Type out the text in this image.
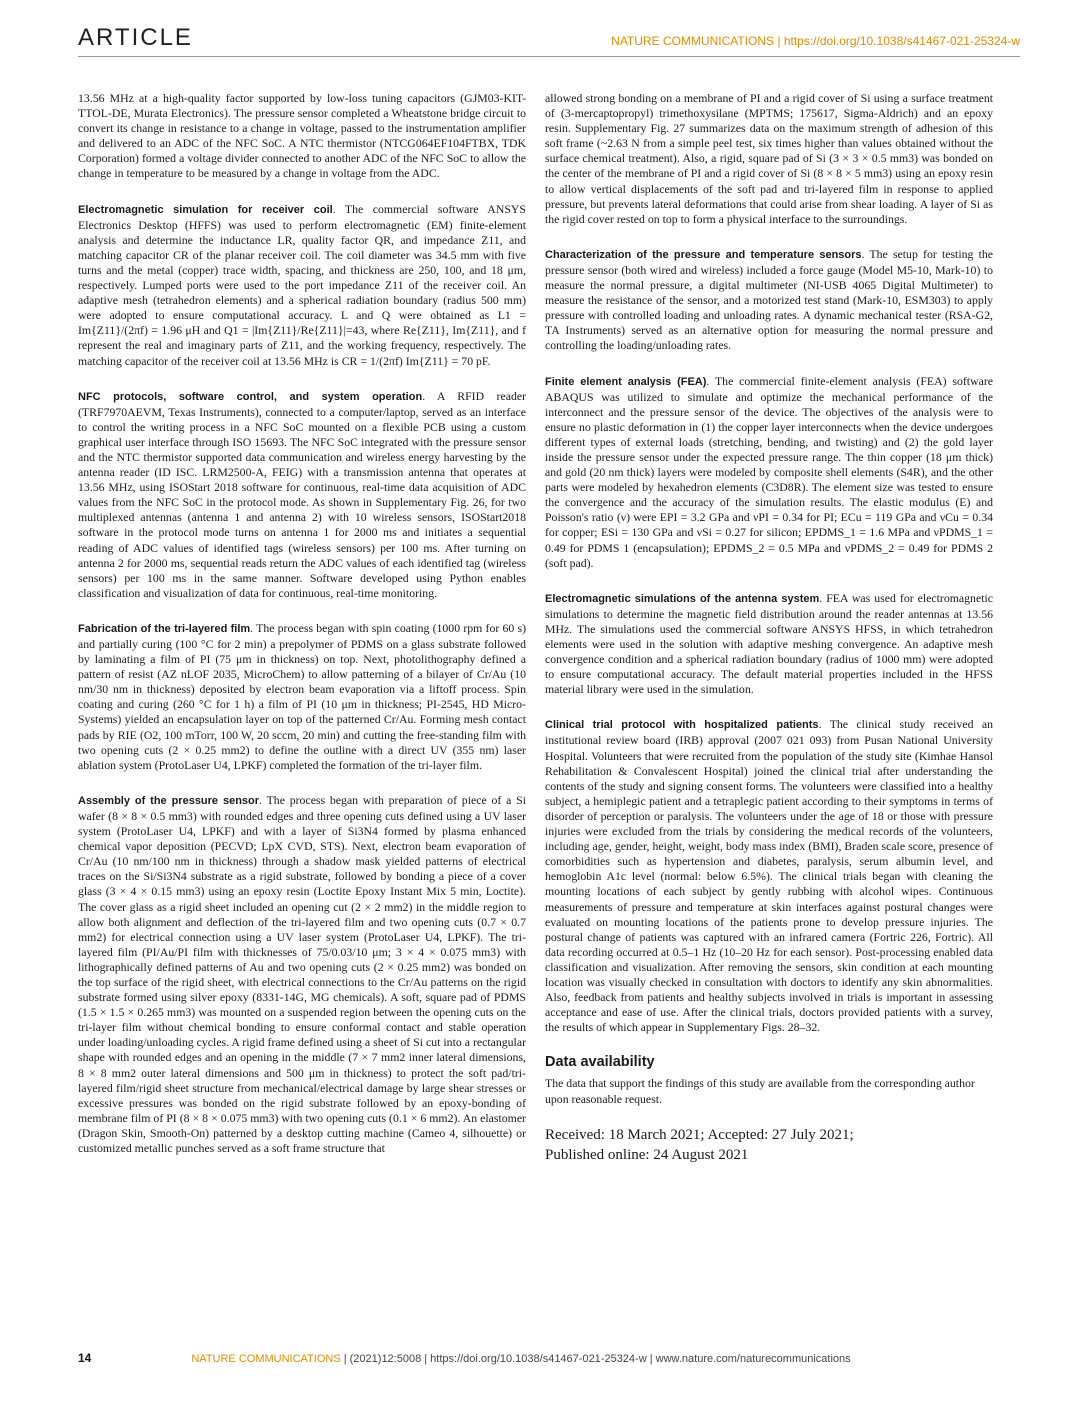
ARTICLE	NATURE COMMUNICATIONS | https://doi.org/10.1038/s41467-021-25324-w

13.56 MHz at a high-quality factor supported by low-loss tuning capacitors (GJM03-KIT-TTOL-DE, Murata Electronics). The pressure sensor completed a Wheatstone bridge circuit to convert its change in resistance to a change in voltage, passed to the instrumentation amplifier and delivered to an ADC of the NFC SoC. A NTC thermistor (NTCG064EF104FTBX, TDK Corporation) formed a voltage divider connected to another ADC of the NFC SoC to allow the change in temperature to be measured by a change in voltage from the ADC.

Electromagnetic simulation for receiver coil. The commercial software ANSYS Electronics Desktop (HFFS) was used to perform electromagnetic (EM) finite-element analysis and determine the inductance LR, quality factor QR, and impedance Z11, and matching capacitor CR of the planar receiver coil. The coil diameter was 34.5 mm with five turns and the metal (copper) trace width, spacing, and thickness are 250, 100, and 18 μm, respectively. Lumped ports were used to the port impedance Z11 of the receiver coil. An adaptive mesh (tetrahedron elements) and a spherical radiation boundary (radius 500 mm) were adopted to ensure computational accuracy. L and Q were obtained as L1 = Im{Z11}/(2πf) = 1.96 μH and Q1 = |Im{Z11}/Re{Z11}|=43, where Re{Z11}, Im{Z11}, and f represent the real and imaginary parts of Z11, and the working frequency, respectively. The matching capacitor of the receiver coil at 13.56 MHz is CR = 1/(2πf) Im{Z11} = 70 pF.

NFC protocols, software control, and system operation. A RFID reader (TRF7970AEVM, Texas Instruments), connected to a computer/laptop, served as an interface to control the writing process in a NFC SoC mounted on a flexible PCB using a custom graphical user interface through ISO 15693. The NFC SoC integrated with the pressure sensor and the NTC thermistor supported data communication and wireless energy harvesting by the antenna reader (ID ISC. LRM2500-A, FEIG) with a transmission antenna that operates at 13.56 MHz, using ISOStart 2018 software for continuous, real-time data acquisition of ADC values from the NFC SoC in the protocol mode. As shown in Supplementary Fig. 26, for two multiplexed antennas (antenna 1 and antenna 2) with 10 wireless sensors, ISOStart2018 software in the protocol mode turns on antenna 1 for 2000 ms and initiates a sequential reading of ADC values of identified tags (wireless sensors) per 100 ms. After turning on antenna 2 for 2000 ms, sequential reads return the ADC values of each identified tag (wireless sensors) per 100 ms in the same manner. Software developed using Python enables classification and visualization of data for continuous, real-time monitoring.

Fabrication of the tri-layered film. The process began with spin coating (1000 rpm for 60 s) and partially curing (100 °C for 2 min) a prepolymer of PDMS on a glass substrate followed by laminating a film of PI (75 μm in thickness) on top. Next, photolithography defined a pattern of resist (AZ nLOF 2035, MicroChem) to allow patterning of a bilayer of Cr/Au (10 nm/30 nm in thickness) deposited by electron beam evaporation via a liftoff process. Spin coating and curing (260 °C for 1 h) a film of PI (10 μm in thickness; PI-2545, HD Micro-Systems) yielded an encapsulation layer on top of the patterned Cr/Au. Forming mesh contact pads by RIE (O2, 100 mTorr, 100 W, 20 sccm, 20 min) and cutting the free-standing film with two opening cuts (2 × 0.25 mm2) to define the outline with a direct UV (355 nm) laser ablation system (ProtoLaser U4, LPKF) completed the formation of the tri-layer film.

Assembly of the pressure sensor. The process began with preparation of piece of a Si wafer (8 × 8 × 0.5 mm3) with rounded edges and three opening cuts defined using a UV laser system (ProtoLaser U4, LPKF) and with a layer of Si3N4 formed by plasma enhanced chemical vapor deposition (PECVD; LpX CVD, STS). Next, electron beam evaporation of Cr/Au (10 nm/100 nm in thickness) through a shadow mask yielded patterns of electrical traces on the Si/Si3N4 substrate as a rigid substrate, followed by bonding a piece of a cover glass (3 × 4 × 0.15 mm3) using an epoxy resin (Loctite Epoxy Instant Mix 5 min, Loctite). The cover glass as a rigid sheet included an opening cut (2 × 2 mm2) in the middle region to allow both alignment and deflection of the tri-layered film and two opening cuts (0.7 × 0.7 mm2) for electrical connection using a UV laser system (ProtoLaser U4, LPKF). The tri-layered film (PI/Au/PI film with thicknesses of 75/0.03/10 μm; 3 × 4 × 0.075 mm3) with lithographically defined patterns of Au and two opening cuts (2 × 0.25 mm2) was bonded on the top surface of the rigid sheet, with electrical connections to the Cr/Au patterns on the rigid substrate formed using silver epoxy (8331-14G, MG chemicals). A soft, square pad of PDMS (1.5 × 1.5 × 0.265 mm3) was mounted on a suspended region between the opening cuts on the tri-layer film without chemical bonding to ensure conformal contact and stable operation under loading/unloading cycles. A rigid frame defined using a sheet of Si cut into a rectangular shape with rounded edges and an opening in the middle (7 × 7 mm2 inner lateral dimensions, 8 × 8 mm2 outer lateral dimensions and 500 μm in thickness) to protect the soft pad/tri-layered film/rigid sheet structure from mechanical/electrical damage by large shear stresses or excessive pressures was bonded on the rigid substrate followed by an epoxy-bonding of membrane film of PI (8 × 8 × 0.075 mm3) with two opening cuts (0.1 × 6 mm2). An elastomer (Dragon Skin, Smooth-On) patterned by a desktop cutting machine (Cameo 4, silhouette) or customized metallic punches served as a soft frame structure that

allowed strong bonding on a membrane of PI and a rigid cover of Si using a surface treatment of (3-mercaptopropyl) trimethoxysilane (MPTMS; 175617, Sigma-Aldrich) and an epoxy resin. Supplementary Fig. 27 summarizes data on the maximum strength of adhesion of this soft frame (~2.63 N from a simple peel test, six times higher than values obtained without the surface chemical treatment). Also, a rigid, square pad of Si (3 × 3 × 0.5 mm3) was bonded on the center of the membrane of PI and a rigid cover of Si (8 × 8 × 5 mm3) using an epoxy resin to allow vertical displacements of the soft pad and tri-layered film in response to applied pressure, but prevents lateral deformations that could arise from shear loading. A layer of Si as the rigid cover rested on top to form a physical interface to the surroundings.

Characterization of the pressure and temperature sensors. The setup for testing the pressure sensor (both wired and wireless) included a force gauge (Model M5-10, Mark-10) to measure the normal pressure, a digital multimeter (NI-USB 4065 Digital Multimeter) to measure the resistance of the sensor, and a motorized test stand (Mark-10, ESM303) to apply pressure with controlled loading and unloading rates. A dynamic mechanical tester (RSA-G2, TA Instruments) served as an alternative option for measuring the normal pressure and controlling the loading/unloading rates.

Finite element analysis (FEA). The commercial finite-element analysis (FEA) software ABAQUS was utilized to simulate and optimize the mechanical performance of the interconnect and the pressure sensor of the device. The objectives of the analysis were to ensure no plastic deformation in (1) the copper layer interconnects when the device undergoes different types of external loads (stretching, bending, and twisting) and (2) the gold layer inside the pressure sensor under the expected pressure range. The thin copper (18 μm thick) and gold (20 nm thick) layers were modeled by composite shell elements (S4R), and the other parts were modeled by hexahedron elements (C3D8R). The element size was tested to ensure the convergence and the accuracy of the simulation results. The elastic modulus (E) and Poisson's ratio (ν) were EPI = 3.2 GPa and νPI = 0.34 for PI; ECu = 119 GPa and νCu = 0.34 for copper; ESi = 130 GPa and νSi = 0.27 for silicon; EPDMS_1 = 1.6 MPa and νPDMS_1 = 0.49 for PDMS 1 (encapsulation); EPDMS_2 = 0.5 MPa and νPDMS_2 = 0.49 for PDMS 2 (soft pad).

Electromagnetic simulations of the antenna system. FEA was used for electromagnetic simulations to determine the magnetic field distribution around the reader antennas at 13.56 MHz. The simulations used the commercial software ANSYS HFSS, in which tetrahedron elements were used in the solution with adaptive meshing convergence. An adaptive mesh convergence condition and a spherical radiation boundary (radius of 1000 mm) were adopted to ensure computational accuracy. The default material properties included in the HFSS material library were used in the simulation.

Clinical trial protocol with hospitalized patients. The clinical study received an institutional review board (IRB) approval (2007 021 093) from Pusan National University Hospital. Volunteers that were recruited from the population of the study site (Kimhae Hansol Rehabilitation & Convalescent Hospital) joined the clinical trial after understanding the contents of the study and signing consent forms. The volunteers were classified into a healthy subject, a hemiplegic patient and a tetraplegic patient according to their symptoms in terms of disorder of perception or paralysis. The volunteers under the age of 18 or those with pressure injuries were excluded from the trials by considering the medical records of the volunteers, including age, gender, height, weight, body mass index (BMI), Braden scale score, presence of comorbidities such as hypertension and diabetes, paralysis, serum albumin level, and hemoglobin A1c level (normal: below 6.5%). The clinical trials began with cleaning the mounting locations of each subject by gently rubbing with alcohol wipes. Continuous measurements of pressure and temperature at skin interfaces against postural changes were evaluated on mounting locations of the patients prone to develop pressure injuries. The postural change of patients was captured with an infrared camera (Fortric 226, Fortric). All data recording occurred at 0.5–1 Hz (10–20 Hz for each sensor). Post-processing enabled data classification and visualization. After removing the sensors, skin condition at each mounting location was visually checked in consultation with doctors to identify any skin abnormalities. Also, feedback from patients and healthy subjects involved in trials is important in assessing acceptance and ease of use. After the clinical trials, doctors provided patients with a survey, the results of which appear in Supplementary Figs. 28–32.

Data availability
The data that support the findings of this study are available from the corresponding author upon reasonable request.
Received: 18 March 2021; Accepted: 27 July 2021;
Published online: 24 August 2021
14	NATURE COMMUNICATIONS | (2021)12:5008 | https://doi.org/10.1038/s41467-021-25324-w | www.nature.com/naturecommunications
